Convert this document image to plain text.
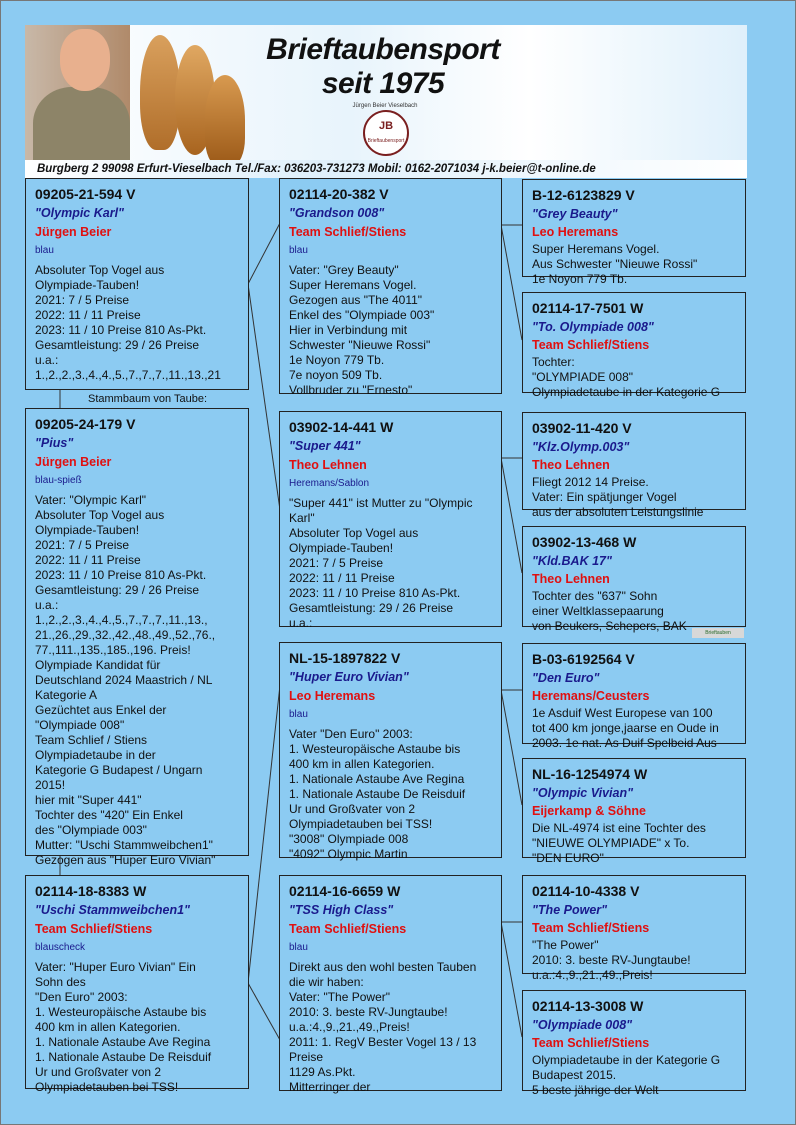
Brieftaubensport
seit 1975
Jürgen Beier Vieselbach
JB
Brieftaubensport
Burgberg 2 99098 Erfurt-Vieselbach Tel./Fax: 036203-731273 Mobil: 0162-2071034 j-k.beier@t-online.de
Stammbaum von Taube:
09205-21-594 V
"Olympic Karl"
Jürgen Beier
blau
Absoluter Top Vogel aus
Olympiade-Tauben!
2021: 7 / 5 Preise
2022: 11 / 11 Preise
2023: 11 / 10 Preise 810 As-Pkt.
Gesamtleistung: 29 / 26 Preise
u.a.:
1.,2.,2.,3.,4.,4.,5.,7.,7.,7.,11.,13.,21
09205-24-179 V
"Pius"
Jürgen Beier
blau-spieß
Vater: "Olympic Karl"
Absoluter Top Vogel aus
Olympiade-Tauben!
2021: 7 / 5 Preise
2022: 11 / 11 Preise
2023: 11 / 10 Preise 810 As-Pkt.
Gesamtleistung: 29 / 26 Preise
u.a.:
1.,2.,2.,3.,4.,4.,5.,7.,7.,7.,11.,13.,
21.,26.,29.,32.,42.,48.,49.,52.,76.,
77.,111.,135.,185.,196. Preis!
Olympiade Kandidat für
Deutschland 2024 Maastrich / NL
Kategorie A
Gezüchtet aus Enkel der
"Olympiade 008"
Team Schlief / Stiens
Olympiadetaube in der
Kategorie G Budapest / Ungarn
2015!
hier mit "Super 441"
Tochter des "420" Ein Enkel
des "Olympiade 003"
Mutter: "Uschi Stammweibchen1"
Gezogen aus "Huper Euro Vivian"
02114-18-8383 W
"Uschi Stammweibchen1"
Team Schlief/Stiens
blauscheck
Vater: "Huper Euro Vivian" Ein
Sohn des
"Den Euro" 2003:
1. Westeuropäische Astaube bis
400 km in allen Kategorien.
1. Nationale Astaube Ave Regina
1. Nationale Astaube De Reisduif
Ur und Großvater von 2
Olympiadetauben bei TSS!
02114-20-382 V
"Grandson 008"
Team Schlief/Stiens
blau
Vater: "Grey Beauty"
Super Heremans Vogel.
Gezogen aus "The 4011"
Enkel des "Olympiade 003"
Hier in Verbindung mit
Schwester "Nieuwe Rossi"
1e Noyon 779 Tb.
7e noyon 509 Tb.
Vollbruder zu "Ernesto"
03902-14-441 W
"Super 441"
Theo Lehnen
Heremans/Sablon
"Super 441" ist Mutter zu "Olympic
Karl"
Absoluter Top Vogel aus
Olympiade-Tauben!
2021: 7 / 5 Preise
2022: 11 / 11 Preise
2023: 11 / 10 Preise 810 As-Pkt.
Gesamtleistung: 29 / 26 Preise
u.a.:
NL-15-1897822 V
"Huper Euro Vivian"
Leo Heremans
blau
Vater "Den Euro" 2003:
1. Westeuropäische Astaube bis
400 km in allen Kategorien.
1. Nationale Astaube Ave Regina
1. Nationale Astaube De Reisduif
Ur und Großvater von 2
Olympiadetauben bei TSS!
"3008" Olympiade 008
"4092" Olympic Martin
02114-16-6659 W
"TSS High Class"
Team Schlief/Stiens
blau
Direkt aus den wohl besten Tauben
die wir haben:
Vater: "The Power"
2010: 3. beste RV-Jungtaube!
u.a.:4.,9.,21.,49.,Preis!
2011: 1. RegV Bester Vogel 13 / 13
Preise
1129 As.Pkt.
Mitterringer der
B-12-6123829 V
"Grey Beauty"
Leo Heremans
Super Heremans Vogel.
Aus Schwester "Nieuwe Rossi"
1e Noyon 779 Tb.
02114-17-7501 W
"To. Olympiade 008"
Team Schlief/Stiens
Tochter:
"OLYMPIADE 008"
Olympiadetaube in der Kategorie G
03902-11-420 V
"Klz.Olymp.003"
Theo Lehnen
Fliegt 2012 14 Preise.
Vater: Ein spätjunger Vogel
aus der absoluten Leistungslinie
03902-13-468 W
"Kld.BAK 17"
Theo Lehnen
Tochter des "637" Sohn
einer Weltklassepaarung
von Beukers, Schepers, BAK	Brieftauben
B-03-6192564 V
"Den Euro"
Heremans/Ceusters
1e Asduif West Europese van 100
tot 400 km jonge,jaarse en Oude in
2003. 1e nat. As Duif Spelbeid Aus
NL-16-1254974 W
"Olympic Vivian"
Eijerkamp & Söhne
Die NL-4974 ist eine Tochter des
"NIEUWE OLYMPIADE" x To.
"DEN EURO"
02114-10-4338 V
"The Power"
Team Schlief/Stiens
"The Power"
2010: 3. beste RV-Jungtaube!
u.a.:4.,9.,21.,49.,Preis!
02114-13-3008 W
"Olympiade 008"
Team Schlief/Stiens
Olympiadetaube in der Kategorie G
Budapest 2015.
5 beste jährige der Welt
